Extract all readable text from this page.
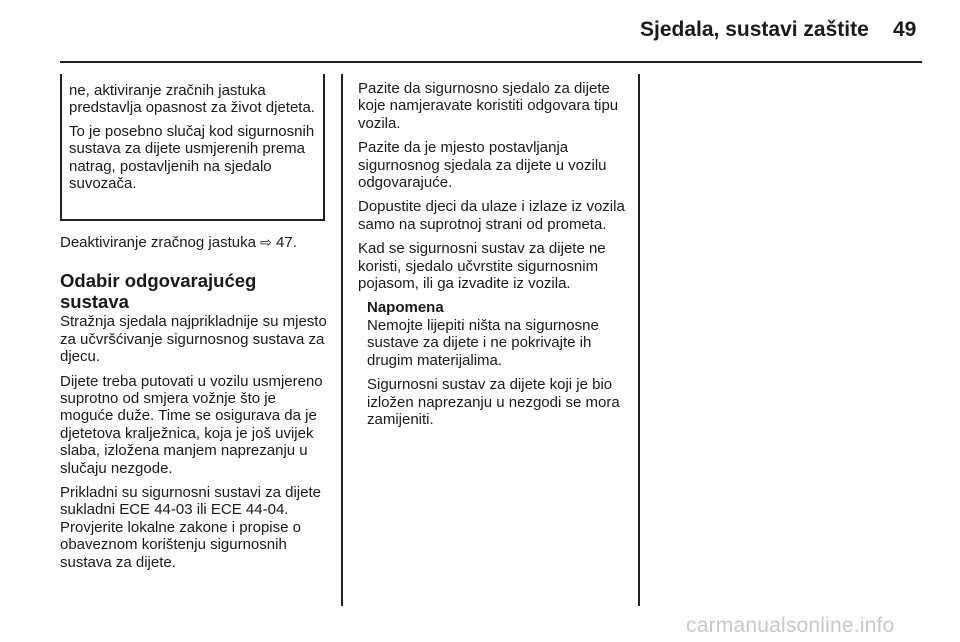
Sjedala, sustavi zaštite 49

ne, aktiviranje zračnih jastuka predstavlja opasnost za život djeteta.

To je posebno slučaj kod sigurnosnih sustava za dijete usmjerenih prema natrag, postavljenih na sjedalo suvozača.

Deaktiviranje zračnog jastuka ⇨ 47.

Odabir odgovarajućeg sustava

Stražnja sjedala najprikladnije su mjesto za učvršćivanje sigurnosnog sustava za djecu.

Dijete treba putovati u vozilu usmjereno suprotno od smjera vožnje što je moguće duže. Time se osigurava da je djetetova kralježnica, koja je još uvijek slaba, izložena manjem naprezanju u slučaju nezgode.

Prikladni su sigurnosni sustavi za dijete sukladni ECE 44-03 ili ECE 44-04. Provjerite lokalne zakone i propise o obaveznom korištenju sigurnosnih sustava za dijete.

Pazite da sigurnosno sjedalo za dijete koje namjeravate koristiti odgovara tipu vozila.

Pazite da je mjesto postavljanja sigurnosnog sjedala za dijete u vozilu odgovarajuće.

Dopustite djeci da ulaze i izlaze iz vozila samo na suprotnoj strani od prometa.

Kad se sigurnosni sustav za dijete ne koristi, sjedalo učvrstite sigurnosnim pojasom, ili ga izvadite iz vozila.

Napomena

Nemojte lijepiti ništa na sigurnosne sustave za dijete i ne pokrivajte ih drugim materijalima.

Sigurnosni sustav za dijete koji je bio izložen naprezanju u nezgodi se mora zamijeniti.

carmanualsonline.info
